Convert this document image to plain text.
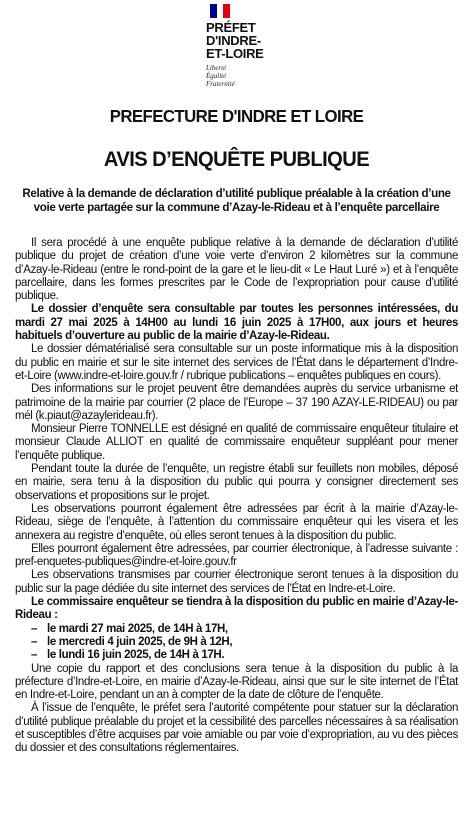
PRÉFET
D'INDRE-
ET-LOIRE
Liberté
Égalité
Fraternité
PREFECTURE D'INDRE ET LOIRE
AVIS D’ENQUÊTE PUBLIQUE
Relative à la demande de déclaration d’utilité publique préalable à la création d’une voie verte partagée sur la commune d’Azay-le-Rideau et à l’enquête parcellaire

Il sera procédé à une enquête publique relative à la demande de déclaration d’utilité publique du projet de création d’une voie verte d’environ 2 kilomètres sur la commune d’Azay-le-Rideau (entre le rond-point de la gare et le lieu-dit « Le Haut Luré ») et à l’enquête parcellaire, dans les formes prescrites par le Code de l’expropriation pour cause d’utilité publique.

Le dossier d’enquête sera consultable par toutes les personnes intéressées, du mardi 27 mai 2025 à 14H00 au lundi 16 juin 2025 à 17H00, aux jours et heures habituels d’ouverture au public de la mairie d’Azay-le-Rideau.

Le dossier dématérialisé sera consultable sur un poste informatique mis à la disposition du public en mairie et sur le site internet des services de l’État dans le département d’Indre-et-Loire (www.indre-et-loire.gouv.fr / rubrique publications – enquêtes publiques en cours).

Des informations sur le projet peuvent être demandées auprès du service urbanisme et patrimoine de la mairie par courrier (2 place de l’Europe – 37 190 AZAY-LE-RIDEAU) ou par mél (k.piaut@azaylerideau.fr).

Monsieur Pierre TONNELLE est désigné en qualité de commissaire enquêteur titulaire et monsieur Claude ALLIOT en qualité de commissaire enquêteur suppléant pour mener l’enquête publique.

Pendant toute la durée de l’enquête, un registre établi sur feuillets non mobiles, déposé en mairie, sera tenu à la disposition du public qui pourra y consigner directement ses observations et propositions sur le projet.

Les observations pourront également être adressées par écrit à la mairie d’Azay-le-Rideau, siège de l’enquête, à l’attention du commissaire enquêteur qui les visera et les annexera au registre d’enquête, où elles seront tenues à la disposition du public.

Elles pourront également être adressées, par courrier électronique, à l’adresse suivante : pref-enquetes-publiques@indre-et-loire.gouv.fr

Les observations transmises par courrier électronique seront tenues à la disposition du public sur la page dédiée du site internet des services de l’État en Indre-et-Loire.

Le commissaire enquêteur se tiendra à la disposition du public en mairie d’Azay-le-Rideau :

– le mardi 27 mai 2025, de 14H à 17H,
– le mercredi 4 juin 2025, de 9H à 12H,
– le lundi 16 juin 2025, de 14H à 17H.

Une copie du rapport et des conclusions sera tenue à la disposition du public à la préfecture d’Indre-et-Loire, en mairie d’Azay-le-Rideau, ainsi que sur le site internet de l’État en Indre-et-Loire, pendant un an à compter de la date de clôture de l’enquête.

À l’issue de l’enquête, le préfet sera l’autorité compétente pour statuer sur la déclaration d’utilité publique préalable du projet et la cessibilité des parcelles nécessaires à sa réalisation et susceptibles d’être acquises par voie amiable ou par voie d’expropriation, au vu des pièces du dossier et des consultations réglementaires.
